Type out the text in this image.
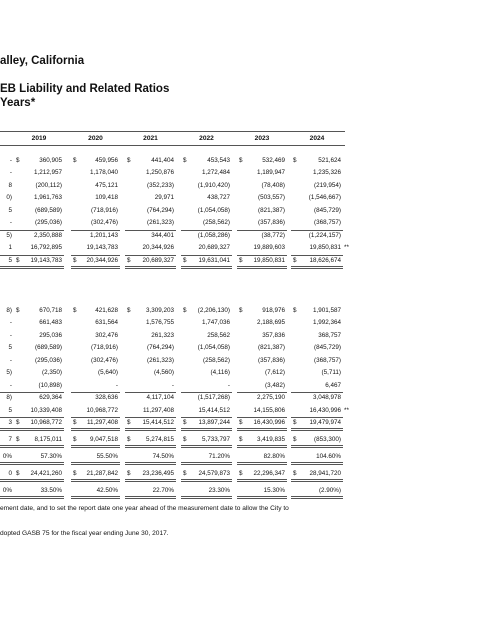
alley, California
EB Liability and Related Ratios
Years*
2019	2020	2021	2022	2023	2024
- $	360,905 $	459,956 $	441,404 $	453,543 $	532,469 $	521,624
-	1,212,957	1,178,040	1,250,876	1,272,484	1,189,947	1,235,326
8	(200,112)	475,121	(352,233)	(1,910,420)	(78,408)	(219,954)
0)	1,961,763	109,418	29,971	438,727	(503,557)	(1,546,667)
5	(689,589)	(718,916)	(764,294)	(1,054,058)	(821,387)	(845,729)
-	(295,036)	(302,476)	(261,323)	(258,562)	(357,836)	(368,757)
5)	2,350,888	1,201,143	344,401	(1,058,286)	(38,772)	(1,224,157)
1	16,792,895	19,143,783	20,344,926	20,689,327	19,889,603	19,850,831 **
5 $	19,143,783 $	20,344,926 $	20,689,327 $	19,631,041 $	19,850,831 $	18,626,674
8) $	670,718 $	421,628 $	3,309,203 $	(2,206,130) $	918,976 $	1,901,587
-	661,483	631,564	1,576,755	1,747,036	2,188,695	1,992,364
-	295,036	302,476	261,323	258,562	357,836	368,757
5	(689,589)	(718,916)	(764,294)	(1,054,058)	(821,387)	(845,729)
-	(295,036)	(302,476)	(261,323)	(258,562)	(357,836)	(368,757)
5)	(2,350)	(5,640)	(4,560)	(4,116)	(7,612)	(5,711)
-	(10,898)	-	-	-	(3,482)	6,467
8)	629,364	328,636	4,117,104	(1,517,268)	2,275,190	3,048,978
5	10,339,408	10,968,772	11,297,408	15,414,512	14,155,806	16,430,996 **
3 $	10,968,772 $	11,297,408 $	15,414,512 $	13,897,244 $	16,430,996 $	19,479,974
7 $	8,175,011 $	9,047,518 $	5,274,815 $	5,733,797 $	3,419,835 $	(853,300)
0%	57.30%	55.50%	74.50%	71.20%	82.80%	104.60%
0 $	24,421,260 $	21,287,842 $	23,236,495 $	24,579,873 $	22,296,347 $	28,941,720
0%	33.50%	42.50%	22.70%	23.30%	15.30%	(2.90%)
ement date, and to set the report date one year ahead of the measurement date to allow the City to
dopted GASB 75 for the fiscal year ending June 30, 2017.
